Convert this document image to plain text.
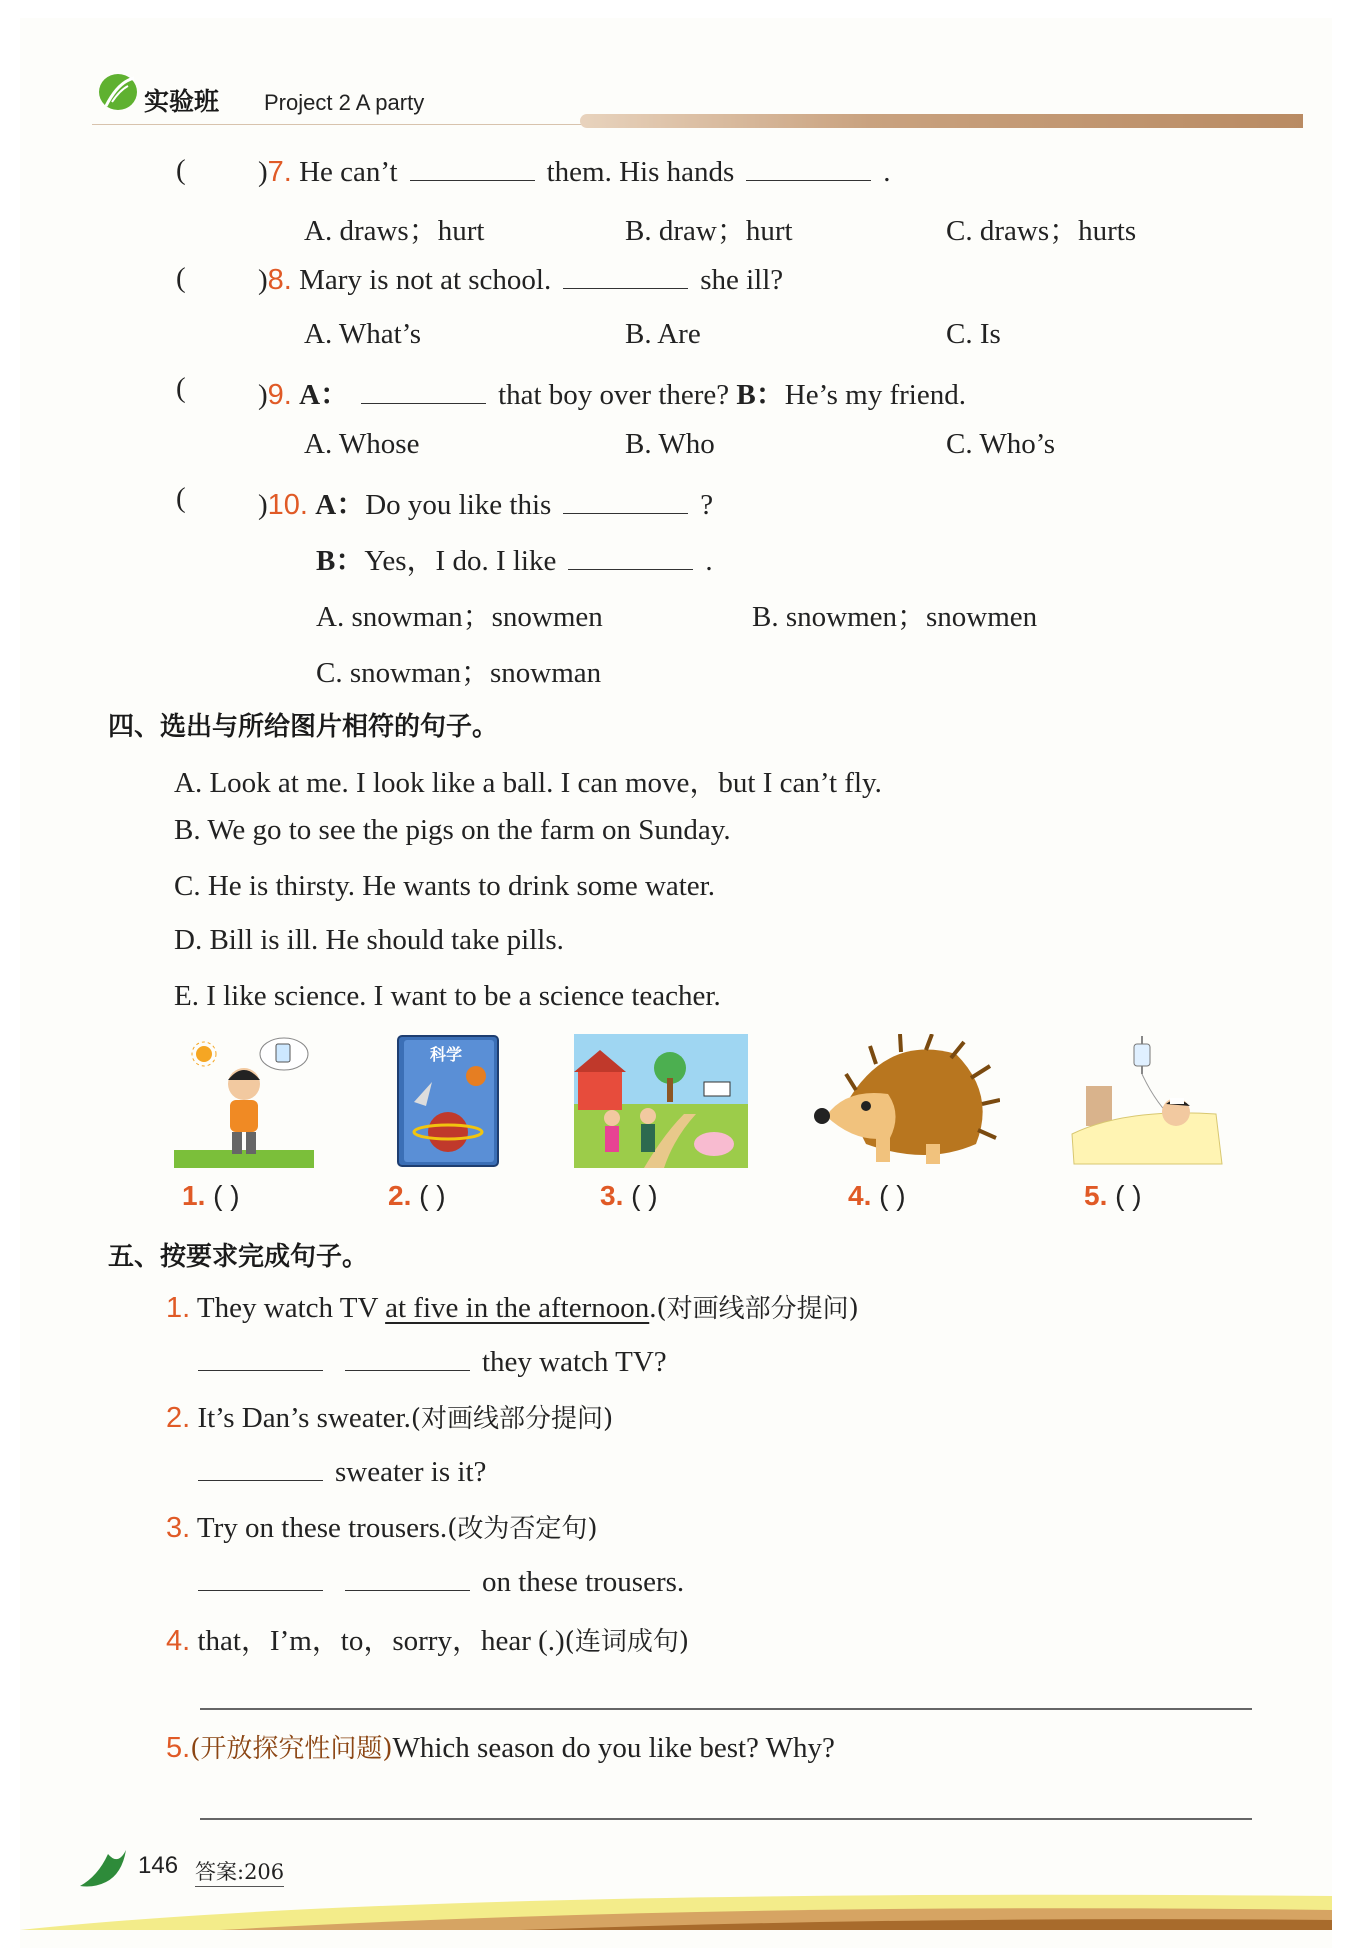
实验班 Project 2 A party
( )7. He can’t	them. His hands	.
A. draws；hurt	B. draw；hurt	C. draws；hurts
( )8. Mary is not at school.	she ill?
A. What’s	B. Are	C. Is
( )9. A：	that boy over there? B：He’s my friend.
A. Whose	B. Who	C. Who’s
( )10. A：Do you like this	?
B：Yes，I do. I like	.
A. snowman；snowmen	B. snowmen；snowmen
C. snowman；snowman
四、选出与所给图片相符的句子。
A. Look at me. I look like a ball. I can move，but I can’t fly.
B. We go to see the pigs on the farm on Sunday.
C. He is thirsty. He wants to drink some water.
D. Bill is ill. He should take pills.
E. I like science. I want to be a science teacher.
科学
1. ( )	2. ( )	3. ( )	4. ( )	5. ( )
五、按要求完成句子。
1. They watch TV at five in the afternoon.(对画线部分提问)
they watch TV?
2. It’s Dan’s sweater.(对画线部分提问)
sweater is it?
3. Try on these trousers.(改为否定句)
on these trousers.
4. that，I’m，to，sorry，hear (.)(连词成句)
5.(开放探究性问题)Which season do you like best? Why?
146 答案:206
